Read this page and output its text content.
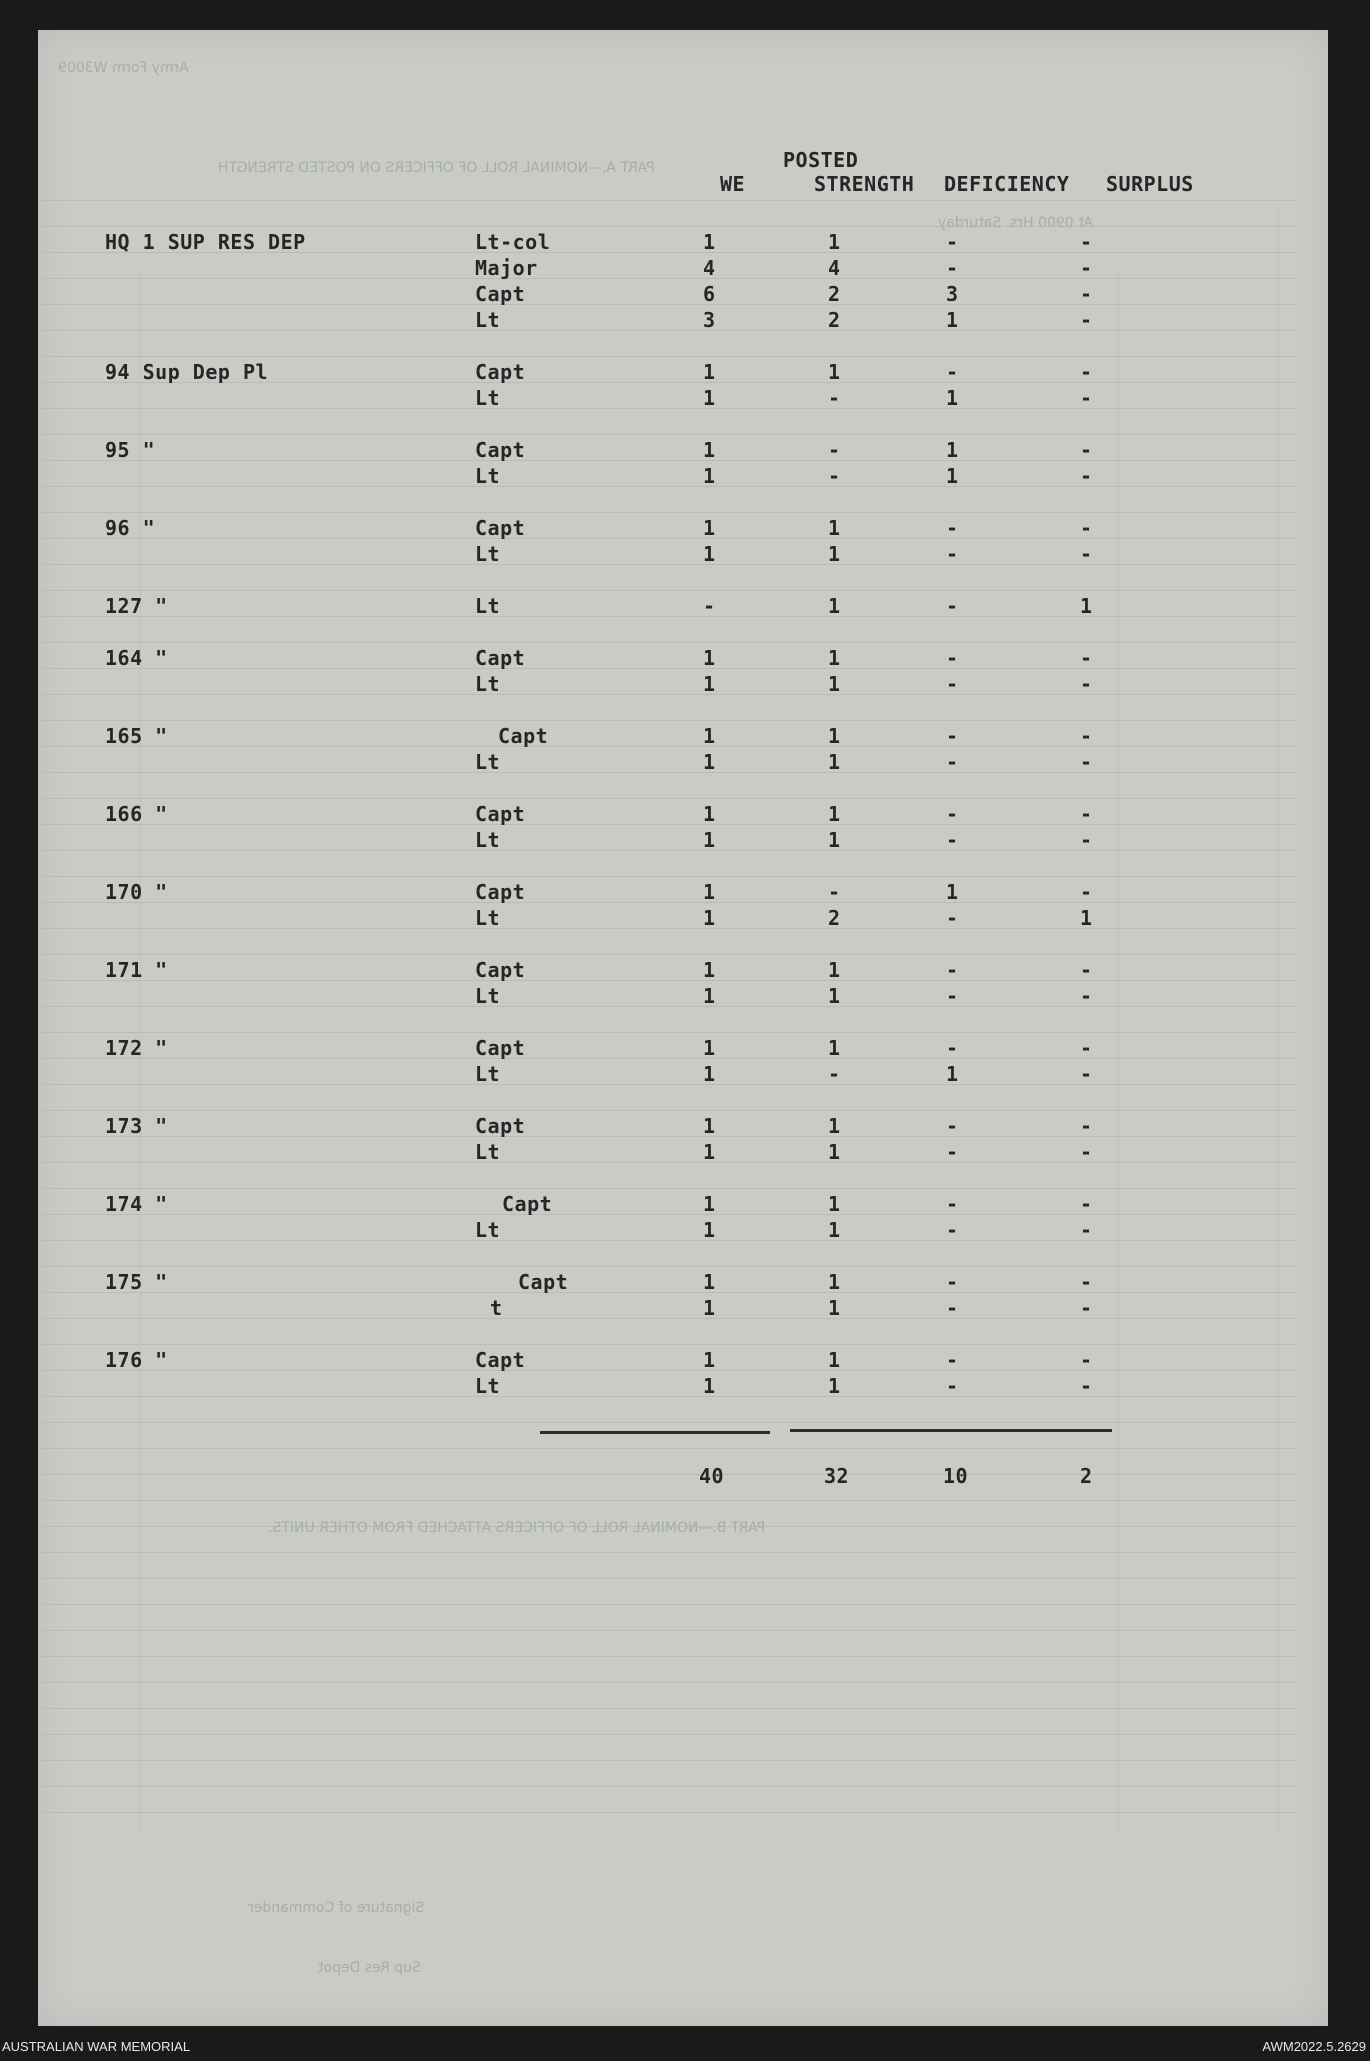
PART A.—NOMINAL ROLL OF OFFICERS ON POSTED STRENGTH
Army Form W3009
At 0900 Hrs. Saturday
PART B.—NOMINAL ROLL OF OFFICERS ATTACHED FROM OTHER UNITS.
Signature of Commander
Sup Res Depot
POSTED
WE	STRENGTH DEFICIENCY SURPLUS
HQ 1 SUP RES DEP	Lt-col	1	1	-	-
Major	4	4	-	-
Capt	6	2	3	-
Lt	3	2	1	-
94 Sup Dep Pl	Capt	1	1	-	-
Lt	1	-	1	-
95 "	Capt	1	-	1	-
Lt	1	-	1	-
96 "	Capt	1	1	-	-
Lt	1	1	-	-
127 "	Lt	-	1	-	1
164 "	Capt	1	1	-	-
Lt	1	1	-	-
165 "	Capt	1	1	-	-
Lt	1	1	-	-
166 "	Capt	1	1	-	-
Lt	1	1	-	-
170 "	Capt	1	-	1	-
Lt	1	2	-	1
171 "	Capt	1	1	-	-
Lt	1	1	-	-
172 "	Capt	1	1	-	-
Lt	1	-	1	-
173 "	Capt	1	1	-	-
Lt	1	1	-	-
174 "	Capt	1	1	-	-
Lt	1	1	-	-
175 "	Capt	1	1	-	-
t	1	1	-	-
176 "	Capt	1	1	-	-
Lt	1	1	-	-
40	32	10	2
AUSTRALIAN WAR MEMORIAL	AWM2022.5.2629
